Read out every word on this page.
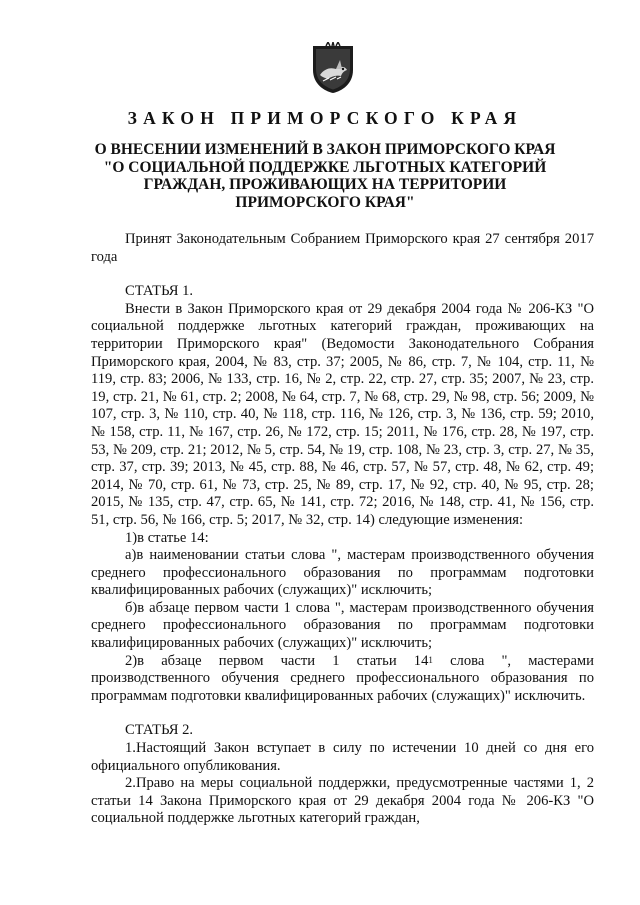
ЗАКОН ПРИМОРСКОГО КРАЯ
О ВНЕСЕНИИ ИЗМЕНЕНИЙ В ЗАКОН ПРИМОРСКОГО КРАЯ
"О СОЦИАЛЬНОЙ ПОДДЕРЖКЕ ЛЬГОТНЫХ КАТЕГОРИЙ
ГРАЖДАН, ПРОЖИВАЮЩИХ НА ТЕРРИТОРИИ
ПРИМОРСКОГО КРАЯ"

Принят Законодательным Собранием Приморского края 27 сентября 2017 года

СТАТЬЯ 1.

Внести в Закон Приморского края от 29 декабря 2004 года № 206-КЗ "О социальной поддержке льготных категорий граждан, проживающих на территории Приморского края" (Ведомости Законодательного Собрания Приморского края, 2004, № 83, стр. 37; 2005, № 86, стр. 7, № 104, стр. 11, № 119, стр. 83; 2006, № 133, стр. 16, № 2, стр. 22, стр. 27, стр. 35; 2007, № 23, стр. 19, стр. 21, № 61, стр. 2; 2008, № 64, стр. 7, № 68, стр. 29, № 98, стр. 56; 2009, № 107, стр. 3, № 110, стр. 40, № 118, стр. 116, № 126, стр. 3, № 136, стр. 59; 2010, № 158, стр. 11, № 167, стр. 26, № 172, стр. 15; 2011, № 176, стр. 28, № 197, стр. 53, № 209, стр. 21; 2012, № 5, стр. 54, № 19, стр. 108, № 23, стр. 3, стр. 27, № 35, стр. 37, стр. 39; 2013, № 45, стр. 88, № 46, стр. 57, № 57, стр. 48, № 62, стр. 49; 2014, № 70, стр. 61, № 73, стр. 25, № 89, стр. 17, № 92, стр. 40, № 95, стр. 28; 2015, № 135, стр. 47, стр. 65, № 141, стр. 72; 2016, № 148, стр. 41, № 156, стр. 51, стр. 56, № 166, стр. 5; 2017, № 32, стр. 14) следующие изменения:

1)в статье 14:

а)в наименовании статьи слова ", мастерам производственного обучения среднего профессионального образования по программам подготовки квалифицированных рабочих (служащих)" исключить;

б)в абзаце первом части 1 слова ", мастерам производственного обучения среднего профессионального образования по программам подготовки квалифицированных рабочих (служащих)" исключить;

2)в абзаце первом части 1 статьи $14^1$ слова ", мастерами производственного обучения среднего профессионального образования по программам подготовки квалифицированных рабочих (служащих)" исключить.

СТАТЬЯ 2.

1.Настоящий Закон вступает в силу по истечении 10 дней со дня его официального опубликования.

2.Право на меры социальной поддержки, предусмотренные частями 1, 2 статьи 14 Закона Приморского края от 29 декабря 2004 года № 206-КЗ "О социальной поддержке льготных категорий граждан,
